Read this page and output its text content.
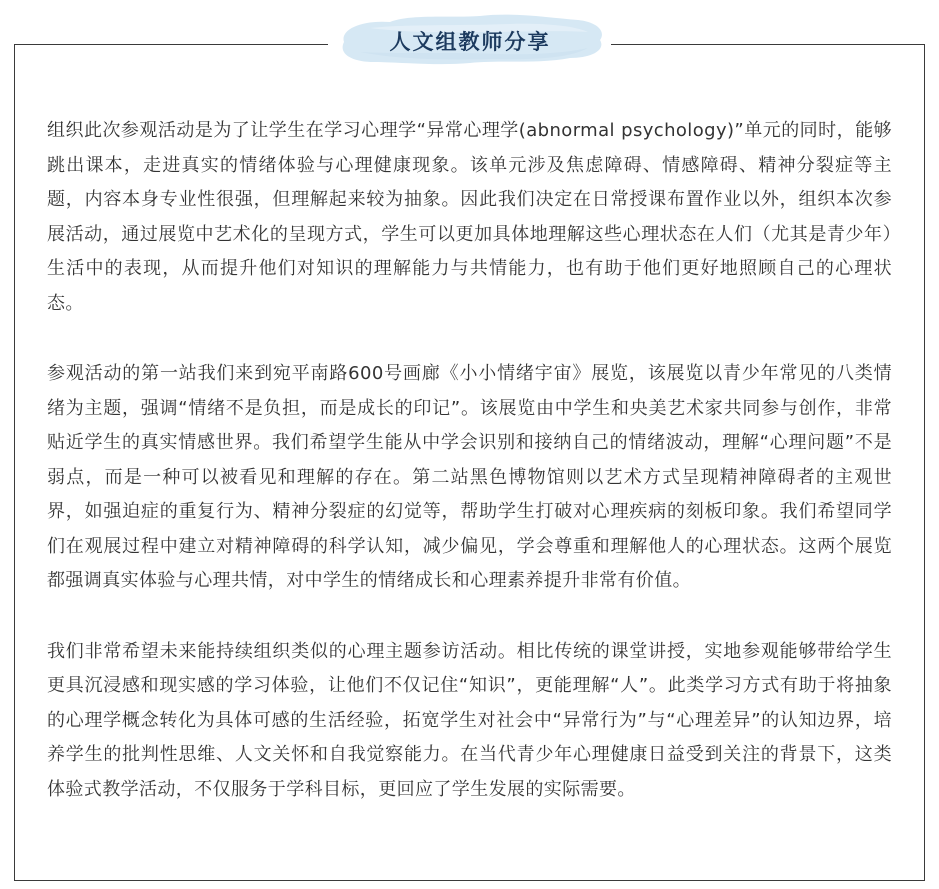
人文组教师分享

组织此次参观活动是为了让学生在学习心理学“异常心理学(abnormal psychology)”单元的同时，能够跳出课本，走进真实的情绪体验与心理健康现象。该单元涉及焦虑障碍、情感障碍、精神分裂症等主题，内容本身专业性很强，但理解起来较为抽象。因此我们决定在日常授课布置作业以外，组织本次参展活动，通过展览中艺术化的呈现方式，学生可以更加具体地理解这些心理状态在人们（尤其是青少年）生活中的表现，从而提升他们对知识的理解能力与共情能力，也有助于他们更好地照顾自己的心理状态。

参观活动的第一站我们来到宛平南路600号画廊《小小情绪宇宙》展览，该展览以青少年常见的八类情绪为主题，强调“情绪不是负担，而是成长的印记”。该展览由中学生和央美艺术家共同参与创作，非常贴近学生的真实情感世界。我们希望学生能从中学会识别和接纳自己的情绪波动，理解“心理问题”不是弱点，而是一种可以被看见和理解的存在。第二站黑色博物馆则以艺术方式呈现精神障碍者的主观世界，如强迫症的重复行为、精神分裂症的幻觉等，帮助学生打破对心理疾病的刻板印象。我们希望同学们在观展过程中建立对精神障碍的科学认知，减少偏见，学会尊重和理解他人的心理状态。这两个展览都强调真实体验与心理共情，对中学生的情绪成长和心理素养提升非常有价值。

我们非常希望未来能持续组织类似的心理主题参访活动。相比传统的课堂讲授，实地参观能够带给学生更具沉浸感和现实感的学习体验，让他们不仅记住“知识”，更能理解“人”。此类学习方式有助于将抽象的心理学概念转化为具体可感的生活经验，拓宽学生对社会中“异常行为”与“心理差异”的认知边界，培养学生的批判性思维、人文关怀和自我觉察能力。在当代青少年心理健康日益受到关注的背景下，这类体验式教学活动，不仅服务于学科目标，更回应了学生发展的实际需要。
